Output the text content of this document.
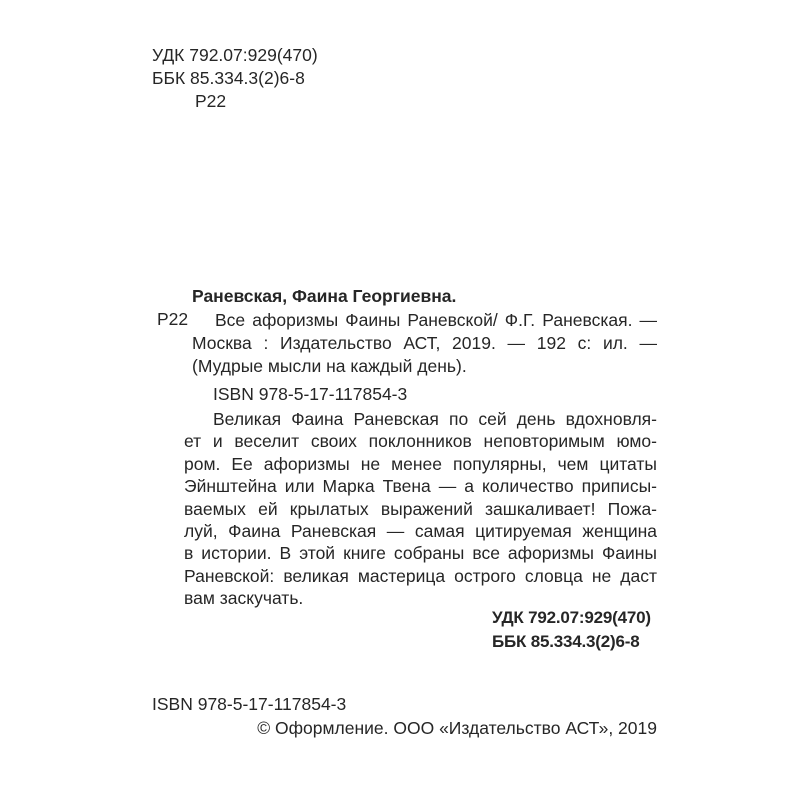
УДК 792.07:929(470)
ББК 85.334.3(2)6-8
Р22
Раневская, Фаина Георгиевна.
Р22	Все афоризмы Фаины Раневской/ Ф.Г. Раневская. —
Москва : Издательство АСТ, 2019. — 192 с: ил. —
(Мудрые мысли на каждый день).
ISBN 978-5-17-117854-3
Великая Фаина Раневская по сей день вдохновля-
ет и веселит своих поклонников неповторимым юмо-
ром. Ее афоризмы не менее популярны, чем цитаты
Эйнштейна или Марка Твена — а количество приписы-
ваемых ей крылатых выражений зашкаливает! Пожа-
луй, Фаина Раневская — самая цитируемая женщина
в истории. В этой книге собраны все афоризмы Фаины
Раневской: великая мастерица острого словца не даст
вам заскучать.
УДК 792.07:929(470)
ББК 85.334.3(2)6-8
ISBN 978-5-17-117854-3
© Оформление. ООО «Издательство АСТ», 2019
